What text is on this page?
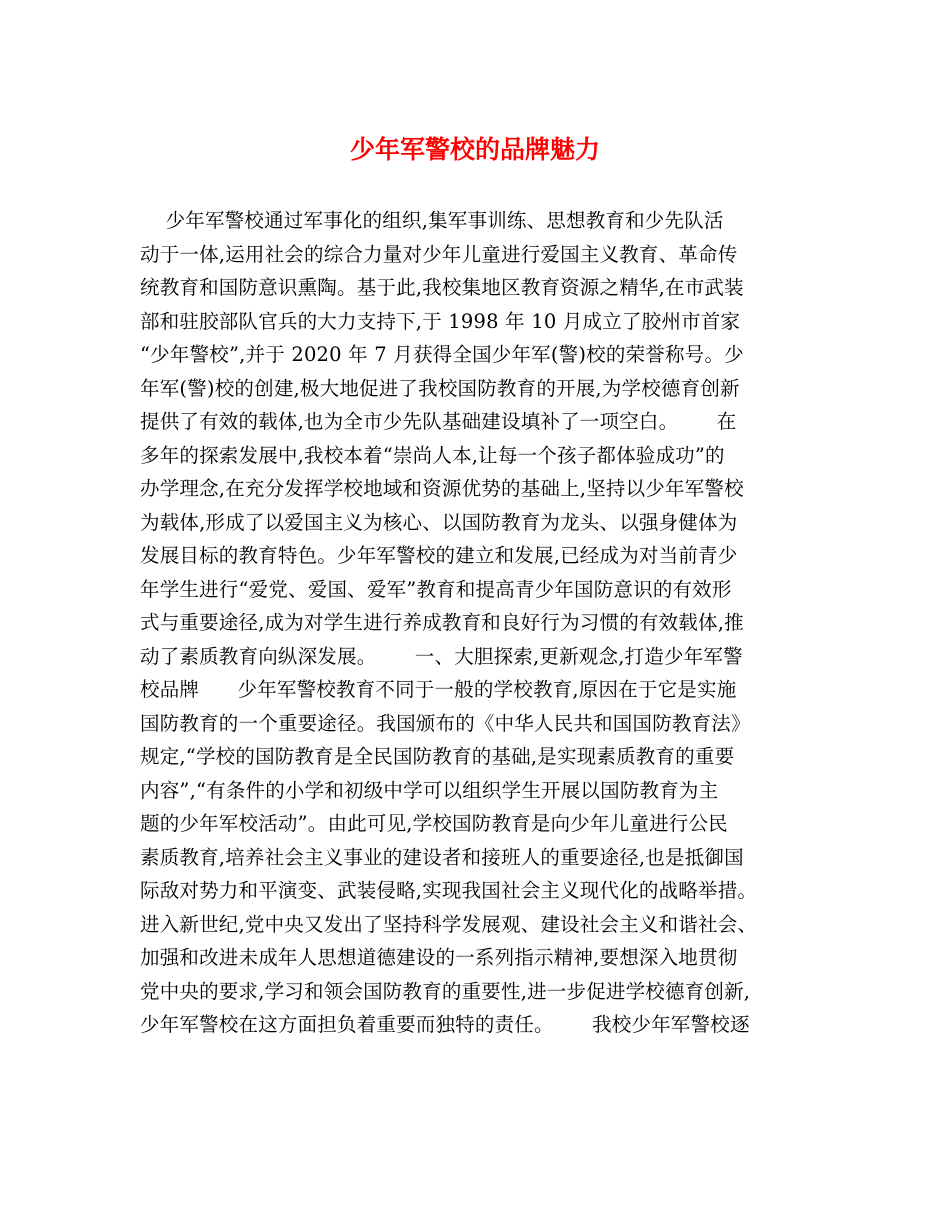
少年军警校的品牌魅力
少年军警校通过军事化的组织,集军事训练、思想教育和少先队活
动于一体,运用社会的综合力量对少年儿童进行爱国主义教育、革命传
统教育和国防意识熏陶。基于此,我校集地区教育资源之精华,在市武装
部和驻胶部队官兵的大力支持下,于 1998 年 10 月成立了胶州市首家
“少年警校”,并于 2020 年 7 月获得全国少年军(警)校的荣誉称号。少
年军(警)校的创建,极大地促进了我校国防教育的开展,为学校德育创新
提供了有效的载体,也为全市少先队基础建设填补了一项空白。      在
多年的探索发展中,我校本着“崇尚人本,让每一个孩子都体验成功”的
办学理念,在充分发挥学校地域和资源优势的基础上,坚持以少年军警校
为载体,形成了以爱国主义为核心、以国防教育为龙头、以强身健体为
发展目标的教育特色。少年军警校的建立和发展,已经成为对当前青少
年学生进行“爱党、爱国、爱军”教育和提高青少年国防意识的有效形
式与重要途径,成为对学生进行养成教育和良好行为习惯的有效载体,推
动了素质教育向纵深发展。      一、大胆探索,更新观念,打造少年军警
校品牌      少年军警校教育不同于一般的学校教育,原因在于它是实施
国防教育的一个重要途径。我国颁布的《中华人民共和国国防教育法》
规定,“学校的国防教育是全民国防教育的基础,是实现素质教育的重要
内容”,“有条件的小学和初级中学可以组织学生开展以国防教育为主
题的少年军校活动”。由此可见,学校国防教育是向少年儿童进行公民
素质教育,培养社会主义事业的建设者和接班人的重要途径,也是抵御国
际敌对势力和平演变、武装侵略,实现我国社会主义现代化的战略举措。
进入新世纪,党中央又发出了坚持科学发展观、建设社会主义和谐社会、
加强和改进未成年人思想道德建设的一系列指示精神,要想深入地贯彻
党中央的要求,学习和领会国防教育的重要性,进一步促进学校德育创新,
少年军警校在这方面担负着重要而独特的责任。      我校少年军警校逐
